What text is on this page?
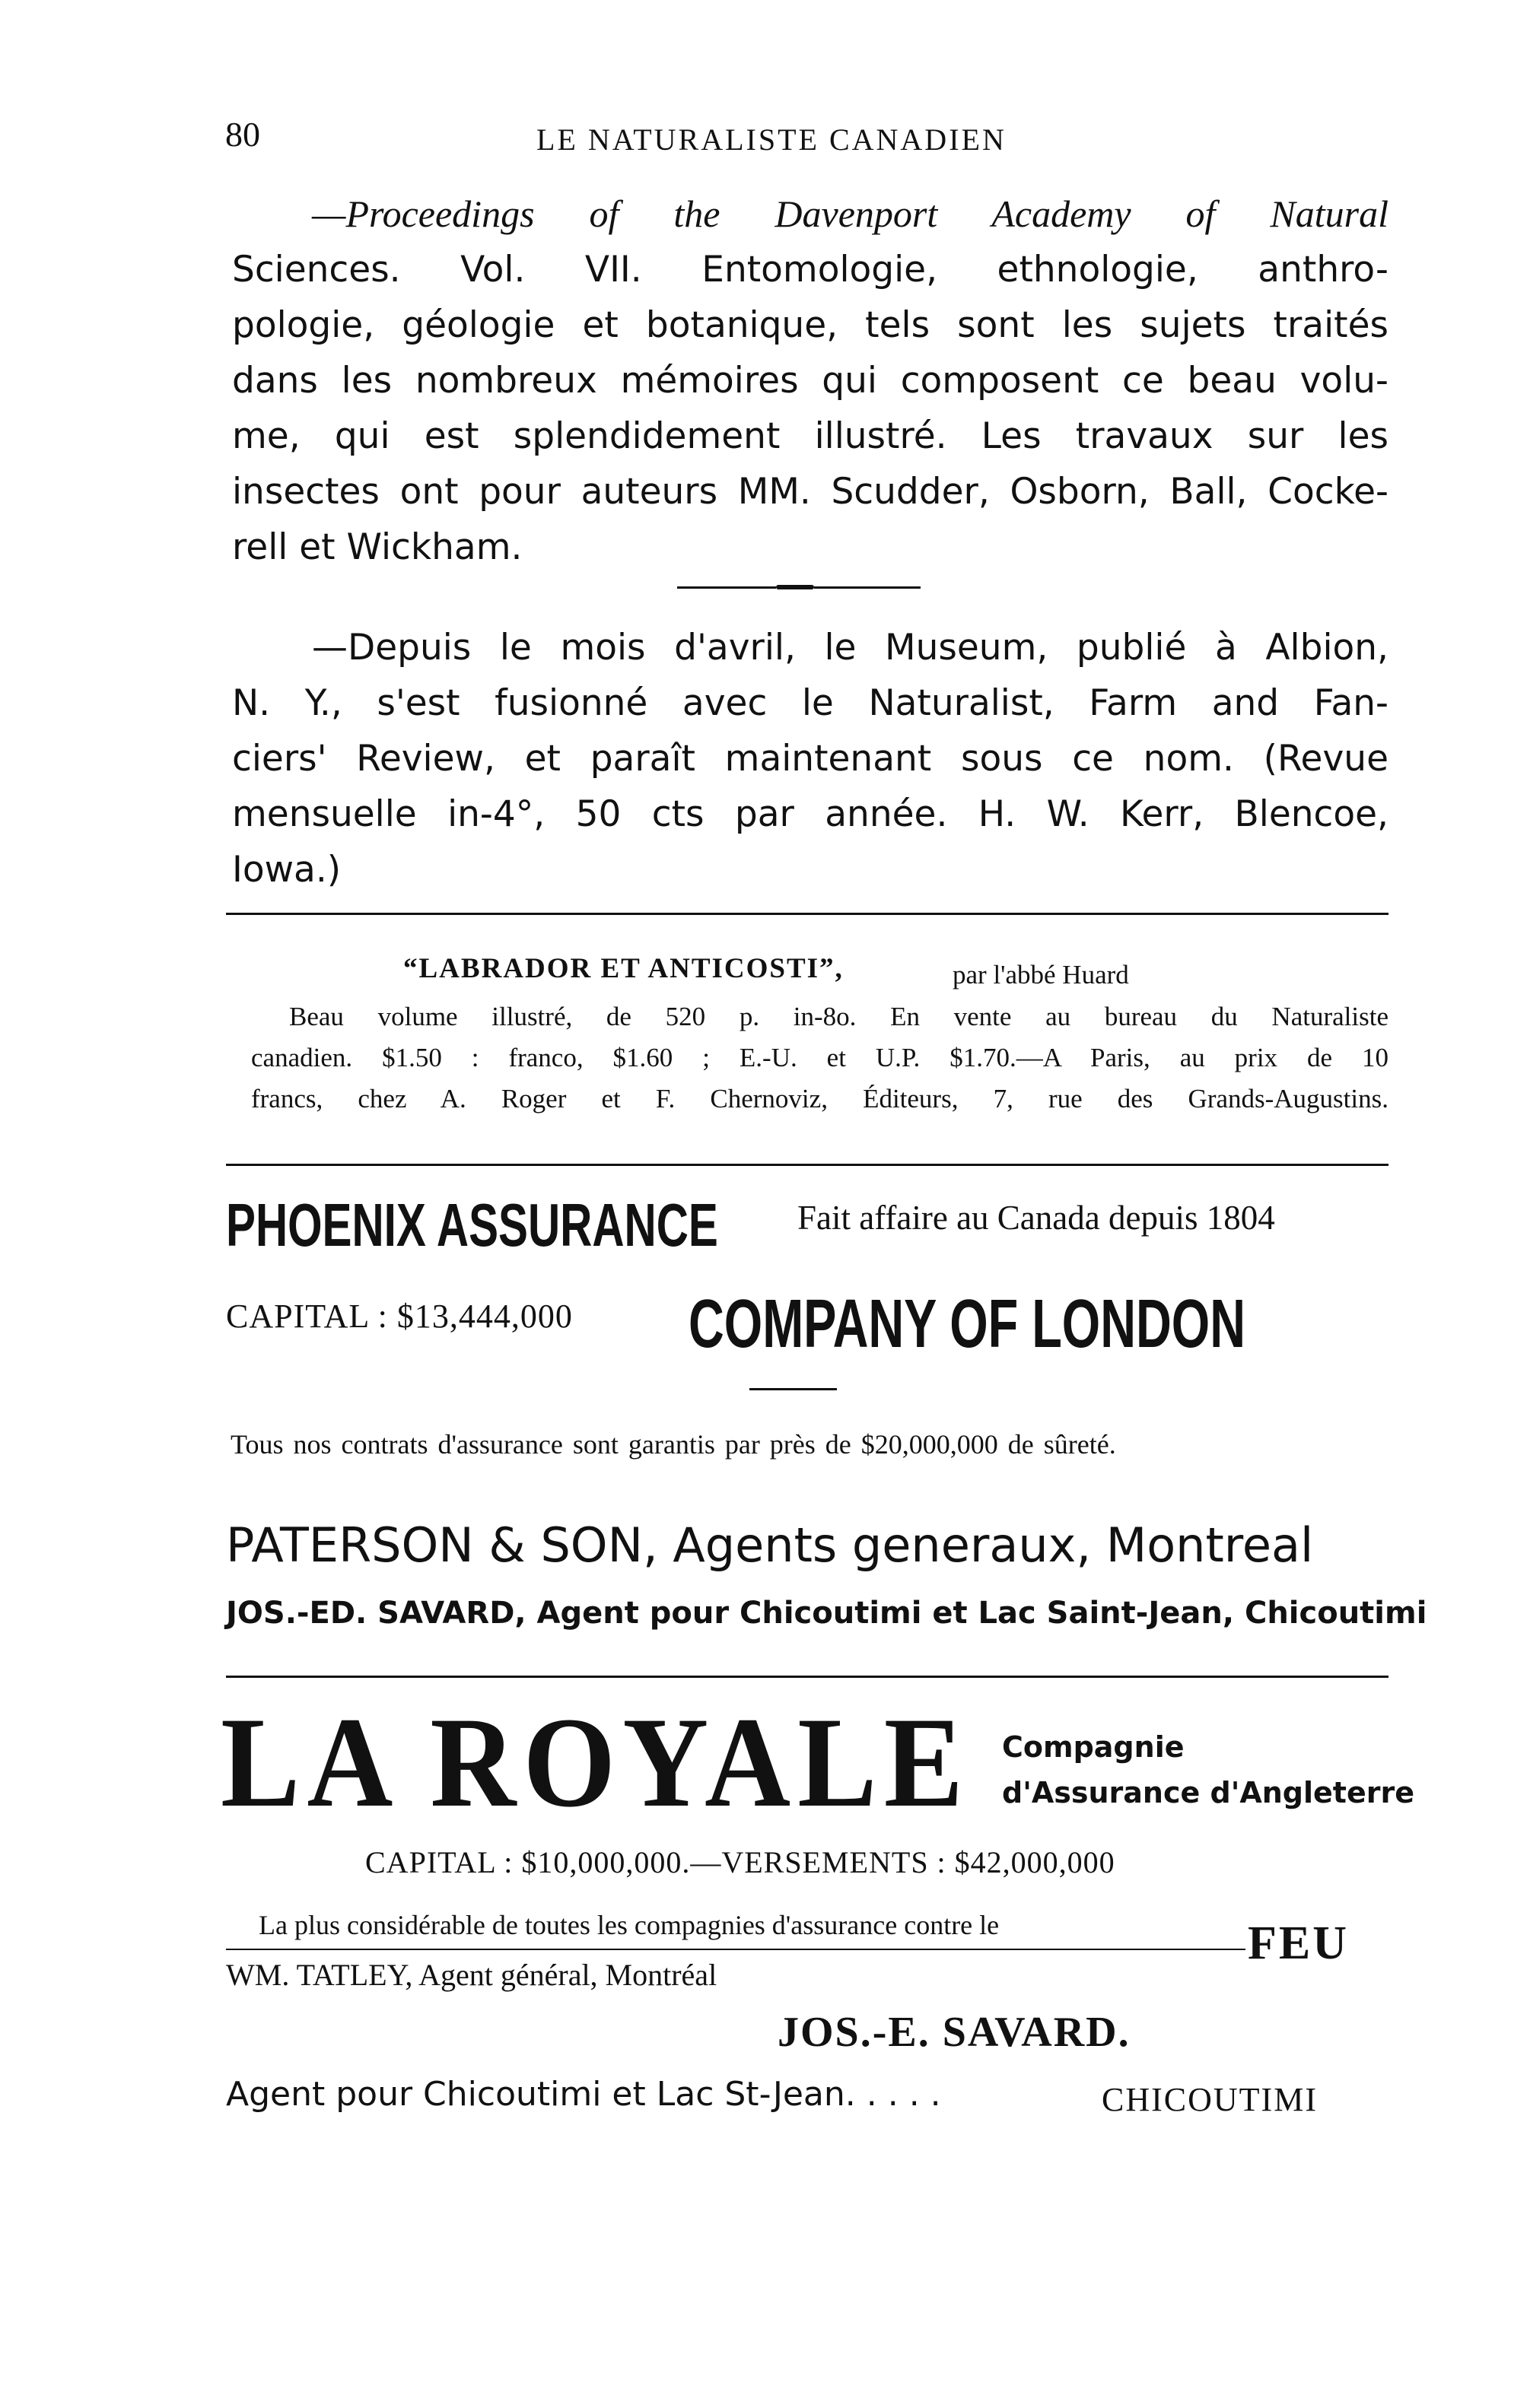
80	LE NATURALISTE CANADIEN
—Proceedings of the Davenport Academy of Natural
Sciences. Vol. VII. Entomologie, ethnologie, anthro-
pologie, géologie et botanique, tels sont les sujets traités
dans les nombreux mémoires qui composent ce beau volu-
me, qui est splendidement illustré. Les travaux sur les
insectes ont pour auteurs MM. Scudder, Osborn, Ball, Cocke-
rell et Wickham.
—Depuis le mois d'avril, le Museum, publié à Albion,
N. Y., s'est fusionné avec le Naturalist, Farm and Fan-
ciers' Review, et paraît maintenant sous ce nom. (Revue
mensuelle in-4°, 50 cts par année. H. W. Kerr, Blencoe,
Iowa.)
“LABRADOR ET ANTICOSTI”,	par l'abbé Huard
Beau volume illustré, de 520 p. in-8o. En vente au bureau du Naturaliste
canadien. $1.50 : franco, $1.60 ; E.-U. et U.P. $1.70.—A Paris, au prix de 10
francs, chez A. Roger et F. Chernoviz, Éditeurs, 7, rue des Grands-Augustins.
PHOENIX ASSURANCE Fait affaire au Canada depuis 1804
CAPITAL : $13,444,000 COMPANY OF LONDON
Tous nos contrats d'assurance sont garantis par près de $20,000,000 de sûreté.
PATERSON & SON, Agents generaux, Montreal
JOS.-ED. SAVARD, Agent pour Chicoutimi et Lac Saint-Jean, Chicoutimi
LA ROYALE Compagnie
d'Assurance d'Angleterre
CAPITAL : $10,000,000.—VERSEMENTS : $42,000,000
La plus considérable de toutes les compagnies d'assurance contre le	FEU
WM. TATLEY, Agent général, Montréal
JOS.-E. SAVARD.
Agent pour Chicoutimi et Lac St-Jean. . . . .	CHICOUTIMI
